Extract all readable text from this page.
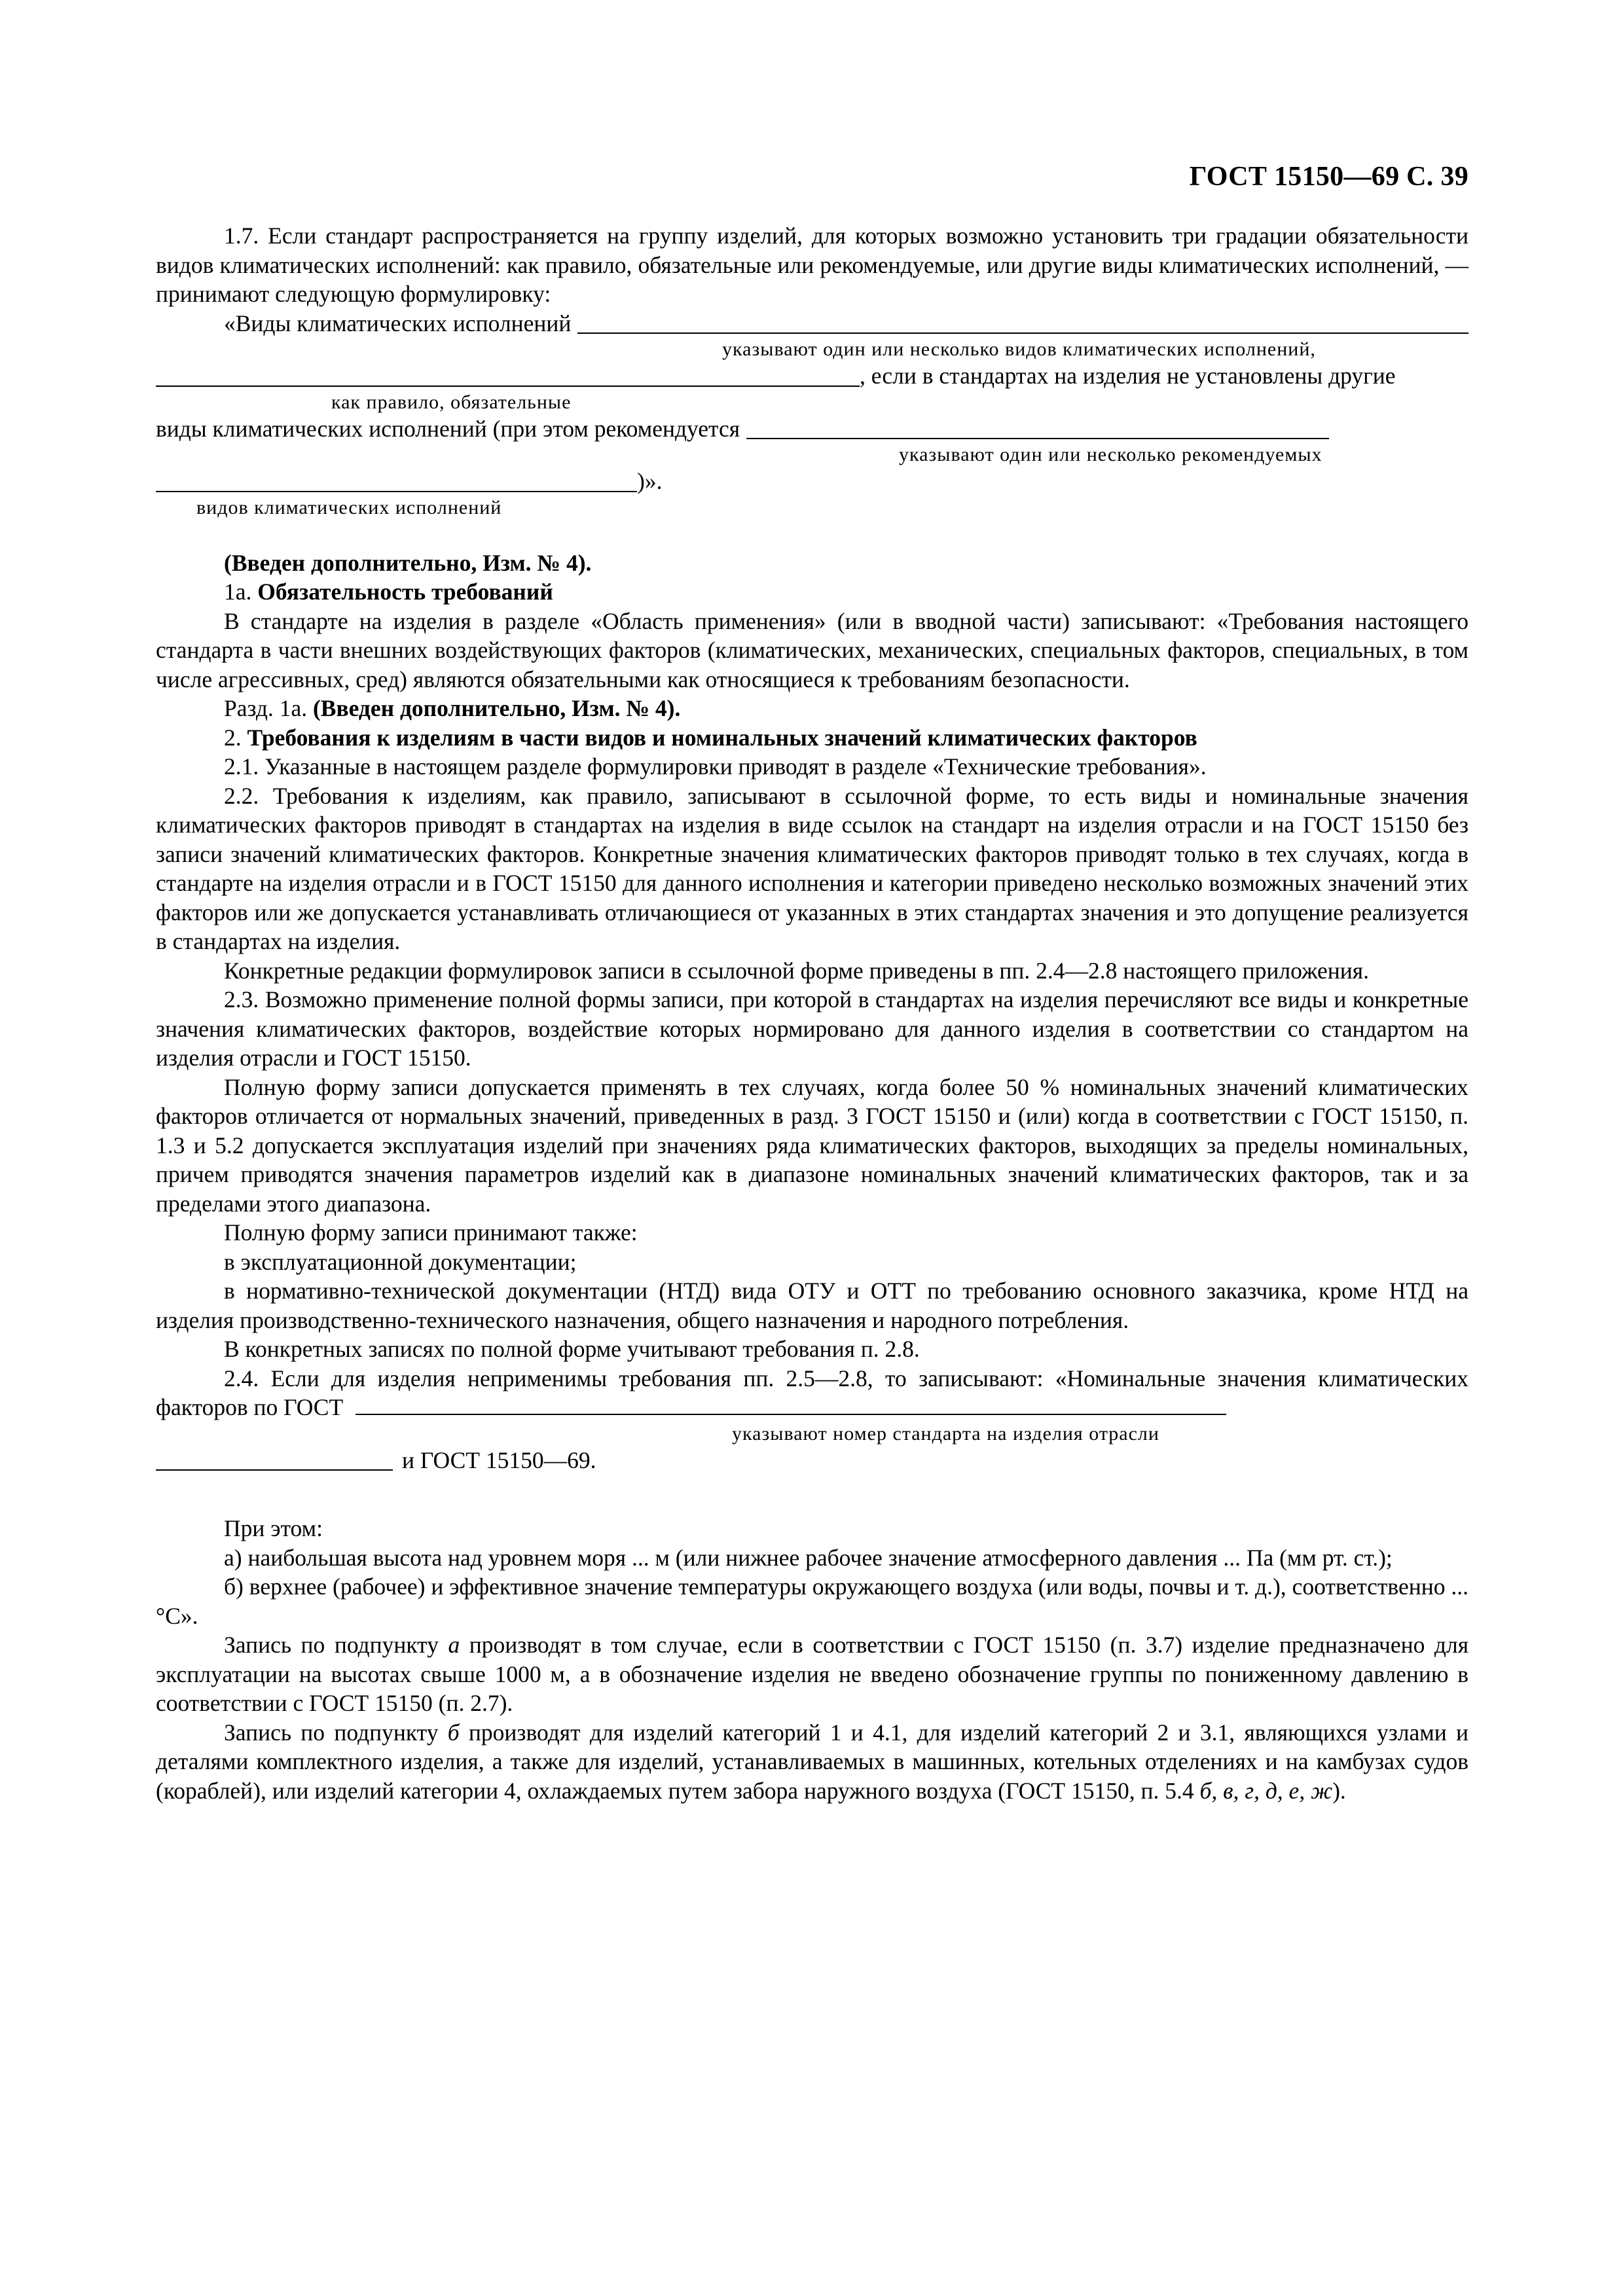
ГОСТ 15150—69 С. 39

1.7. Если стандарт распространяется на группу изделий, для которых возможно установить три градации обязательности видов климатических исполнений: как правило, обязательные или рекомендуемые, или другие виды климатических исполнений, — принимают следующую формулировку:

«Виды климатических исполнений
указывают один или несколько видов климатических исполнений,
, если в стандартах на изделия не установлены другие
как правило, обязательные
виды климатических исполнений (при этом рекомендуется
указывают один или несколько рекомендуемых
)».
видов климатических исполнений

(Введен дополнительно, Изм. № 4).

1а. Обязательность требований

В стандарте на изделия в разделе «Область применения» (или в вводной части) записывают: «Требования настоящего стандарта в части внешних воздействующих факторов (климатических, механических, специальных факторов, специальных, в том числе агрессивных, сред) являются обязательными как относящиеся к требованиям безопасности.

Разд. 1а. (Введен дополнительно, Изм. № 4).

2. Требования к изделиям в части видов и номинальных значений климатических факторов

2.1. Указанные в настоящем разделе формулировки приводят в разделе «Технические требования».

2.2. Требования к изделиям, как правило, записывают в ссылочной форме, то есть виды и номинальные значения климатических факторов приводят в стандартах на изделия в виде ссылок на стандарт на изделия отрасли и на ГОСТ 15150 без записи значений климатических факторов. Конкретные значения климатических факторов приводят только в тех случаях, когда в стандарте на изделия отрасли и в ГОСТ 15150 для данного исполнения и категории приведено несколько возможных значений этих факторов или же допускается устанавливать отличающиеся от указанных в этих стандартах значения и это допущение реализуется в стандартах на изделия.

Конкретные редакции формулировок записи в ссылочной форме приведены в пп. 2.4—2.8 настоящего приложения.

2.3. Возможно применение полной формы записи, при которой в стандартах на изделия перечисляют все виды и конкретные значения климатических факторов, воздействие которых нормировано для данного изделия в соответствии со стандартом на изделия отрасли и ГОСТ 15150.

Полную форму записи допускается применять в тех случаях, когда более 50 % номинальных значений климатических факторов отличается от нормальных значений, приведенных в разд. 3 ГОСТ 15150 и (или) когда в соответствии с ГОСТ 15150, п. 1.3 и 5.2 допускается эксплуатация изделий при значениях ряда климатических факторов, выходящих за пределы номинальных, причем приводятся значения параметров изделий как в диапазоне номинальных значений климатических факторов, так и за пределами этого диапазона.

Полную форму записи принимают также:

в эксплуатационной документации;

в нормативно-технической документации (НТД) вида ОТУ и ОТТ по требованию основного заказчика, кроме НТД на изделия производственно-технического назначения, общего назначения и народного потребления.

В конкретных записях по полной форме учитывают требования п. 2.8.

2.4. Если для изделия неприменимы требования пп. 2.5—2.8, то записывают: «Номинальные значения климатических факторов по ГОСТ

указывают номер стандарта на изделия отрасли
и ГОСТ 15150—69.

При этом:

а) наибольшая высота над уровнем моря ... м (или нижнее рабочее значение атмосферного давления ... Па (мм рт. ст.);

б) верхнее (рабочее) и эффективное значение температуры окружающего воздуха (или воды, почвы и т. д.), соответственно ... °С».

Запись по подпункту а производят в том случае, если в соответствии с ГОСТ 15150 (п. 3.7) изделие предназначено для эксплуатации на высотах свыше 1000 м, а в обозначение изделия не введено обозначение группы по пониженному давлению в соответствии с ГОСТ 15150 (п. 2.7).

Запись по подпункту б производят для изделий категорий 1 и 4.1, для изделий категорий 2 и 3.1, являющихся узлами и деталями комплектного изделия, а также для изделий, устанавливаемых в машинных, котельных отделениях и на камбузах судов (кораблей), или изделий категории 4, охлаждаемых путем забора наружного воздуха (ГОСТ 15150, п. 5.4 б, в, г, д, е, ж).
